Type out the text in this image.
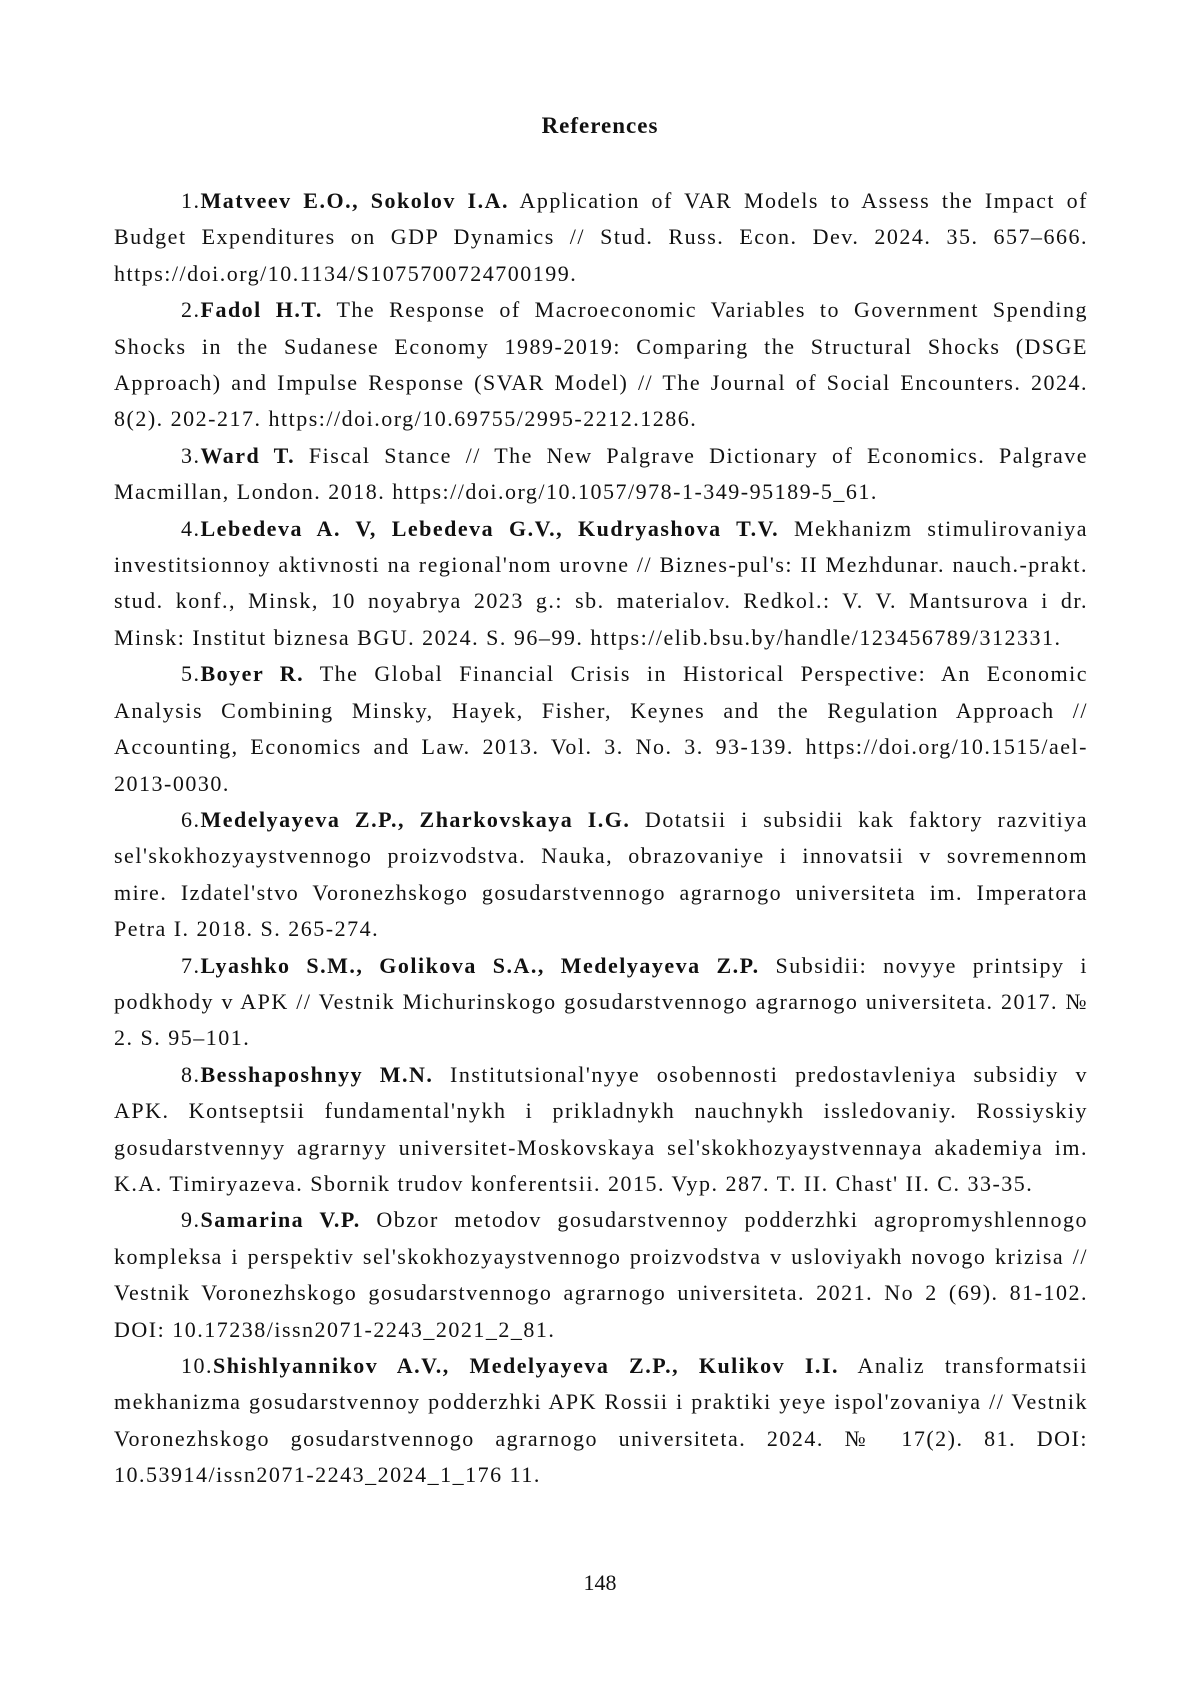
References
1.Matveev E.O., Sokolov I.A. Application of VAR Models to Assess the Impact of Budget Expenditures on GDP Dynamics // Stud. Russ. Econ. Dev. 2024. 35. 657–666. https://doi.org/10.1134/S1075700724700199.
2.Fadol H.T. The Response of Macroeconomic Variables to Government Spending Shocks in the Sudanese Economy 1989-2019: Comparing the Structural Shocks (DSGE Approach) and Impulse Response (SVAR Model) // The Journal of Social Encounters. 2024. 8(2). 202-217. https://doi.org/10.69755/2995-2212.1286.
3.Ward T. Fiscal Stance // The New Palgrave Dictionary of Economics. Palgrave Macmillan, London. 2018. https://doi.org/10.1057/978-1-349-95189-5_61.
4.Lebedeva A. V, Lebedeva G.V., Kudryashova T.V. Mekhanizm stimulirovaniya investitsionnoy aktivnosti na regional'nom urovne // Biznes-pul's: II Mezhdunar. nauch.-prakt. stud. konf., Minsk, 10 noyabrya 2023 g.: sb. materialov. Redkol.: V. V. Mantsurova i dr. Minsk: Institut biznesa BGU. 2024. S. 96–99. https://elib.bsu.by/handle/123456789/312331.
5.Boyer R. The Global Financial Crisis in Historical Perspective: An Economic Analysis Combining Minsky, Hayek, Fisher, Keynes and the Regulation Approach // Accounting, Economics and Law. 2013. Vol. 3. No. 3. 93-139. https://doi.org/10.1515/ael-2013-0030.
6.Medelyayeva Z.P., Zharkovskaya I.G. Dotatsii i subsidii kak faktory razvitiya sel'skokhozyaystvennogo proizvodstva. Nauka, obrazovaniye i innovatsii v sovremennom mire. Izdatel'stvo Voronezhskogo gosudarstvennogo agrarnogo universiteta im. Imperatora Petra I. 2018. S. 265-274.
7.Lyashko S.M., Golikova S.A., Medelyayeva Z.P. Subsidii: novyye printsipy i podkhody v APK // Vestnik Michurinskogo gosudarstvennogo agrarnogo universiteta. 2017. № 2. S. 95–101.
8.Besshaposhnyy M.N. Institutsional'nyye osobennosti predostavleniya subsidiy v APK. Kontseptsii fundamental'nykh i prikladnykh nauchnykh issledovaniy. Rossiyskiy gosudarstvennyy agrarnyy universitet-Moskovskaya sel'skokhozyaystvennaya akademiya im. K.A. Timiryazeva. Sbornik trudov konferentsii. 2015. Vyp. 287. T. II. Chast' II. C. 33-35.
9.Samarina V.P. Obzor metodov gosudarstvennoy podderzhki agropromyshlennogo kompleksa i perspektiv sel'skokhozyaystvennogo proizvodstva v usloviyakh novogo krizisa // Vestnik Voronezhskogo gosudarstvennogo agrarnogo universiteta. 2021. No 2 (69). 81-102. DOI: 10.17238/issn2071-2243_2021_2_81.
10.Shishlyannikov A.V., Medelyayeva Z.P., Kulikov I.I. Analiz transformatsii mekhanizma gosudarstvennoy podderzhki APK Rossii i praktiki yeye ispol'zovaniya // Vestnik Voronezhskogo gosudarstvennogo agrarnogo universiteta. 2024. № 17(2). 81. DOI: 10.53914/issn2071-2243_2024_1_176 11.

148
